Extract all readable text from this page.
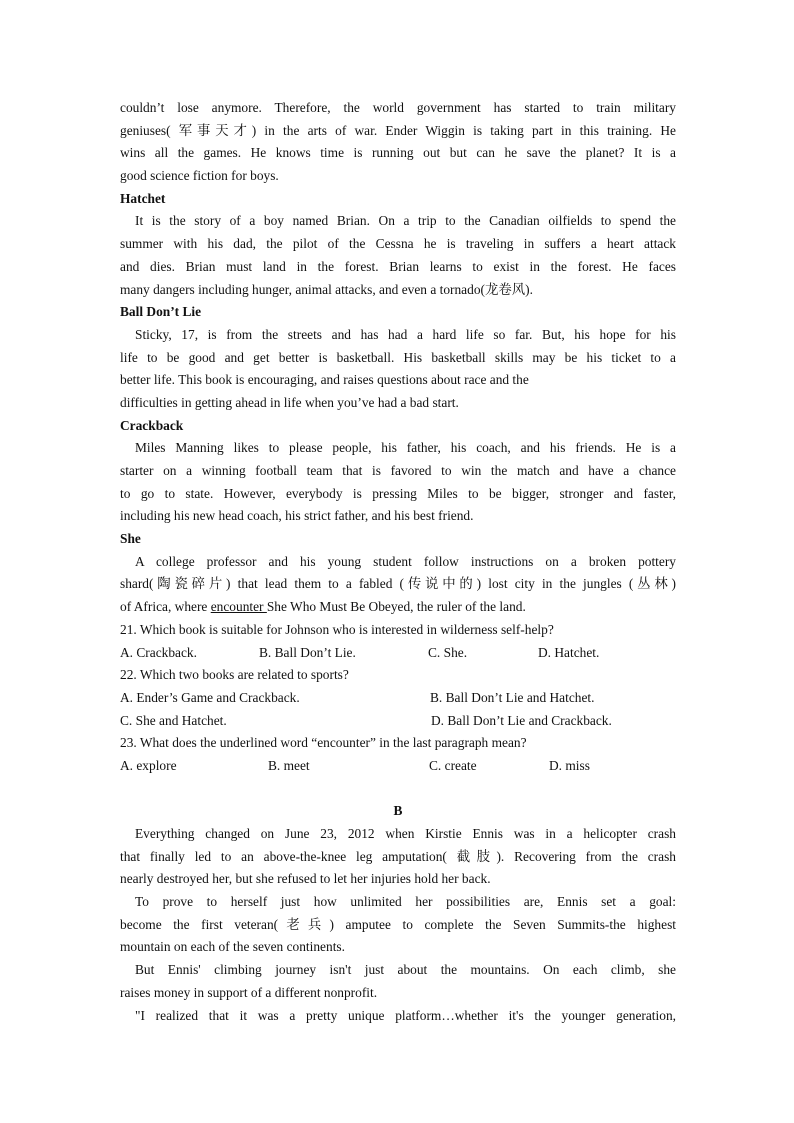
couldn’t lose anymore. Therefore, the world government has started to train military
geniuses( 军事天才) in the arts of war. Ender Wiggin is taking part in this training. He
wins all the games. He knows time is running out but can he save the planet? It is a
good science fiction for boys.
Hatchet
It is the story of a boy named Brian. On a trip to the Canadian oilfields to spend the
summer with his dad, the pilot of the Cessna he is traveling in suffers a heart attack
and dies. Brian must land in the forest. Brian learns to exist in the forest. He faces
many dangers including hunger, animal attacks, and even a tornado(龙卷风).
Ball Don’t Lie
Sticky, 17, is from the streets and has had a hard life so far. But, his hope for his
life to be good and get better is basketball. His basketball skills may be his ticket to a
better life. This book is encouraging, and raises questions about race and the
difficulties in getting ahead in life when you’ve had a bad start.
Crackback
Miles Manning likes to please people, his father, his coach, and his friends. He is a
starter on a winning football team that is favored to win the match and have a chance
to go to state. However, everybody is pressing Miles to be bigger, stronger and faster,
including his new head coach, his strict father, and his best friend.
She
A college professor and his young student follow instructions on a broken pottery
shard(陶瓷碎片) that lead them to a fabled (传说中的) lost city in the jungles (丛林)
of Africa, where encounter She Who Must Be Obeyed, the ruler of the land.
21. Which book is suitable for Johnson who is interested in wilderness self-help?
A. Crackback.	B. Ball Don’t Lie.	C. She.	D. Hatchet.
22. Which two books are related to sports?
A. Ender’s Game and Crackback.	B. Ball Don’t Lie and Hatchet.
C. She and Hatchet.	D. Ball Don’t Lie and Crackback.
23. What does the underlined word “encounter” in the last paragraph mean?
A. explore	B. meet	C. create	D. miss
B
Everything changed on June 23, 2012 when Kirstie Ennis was in a helicopter crash
that finally led to an above-the-knee leg amputation( 截肢). Recovering from the crash
nearly destroyed her, but she refused to let her injuries hold her back.
To prove to herself just how unlimited her possibilities are, Ennis set a goal:
become the first veteran(老兵) amputee to complete the Seven Summits-the highest
mountain on each of the seven continents.
But Ennis' climbing journey isn't just about the mountains. On each climb, she
raises money in support of a different nonprofit.
"I realized that it was a pretty unique platform…whether it's the younger generation,
